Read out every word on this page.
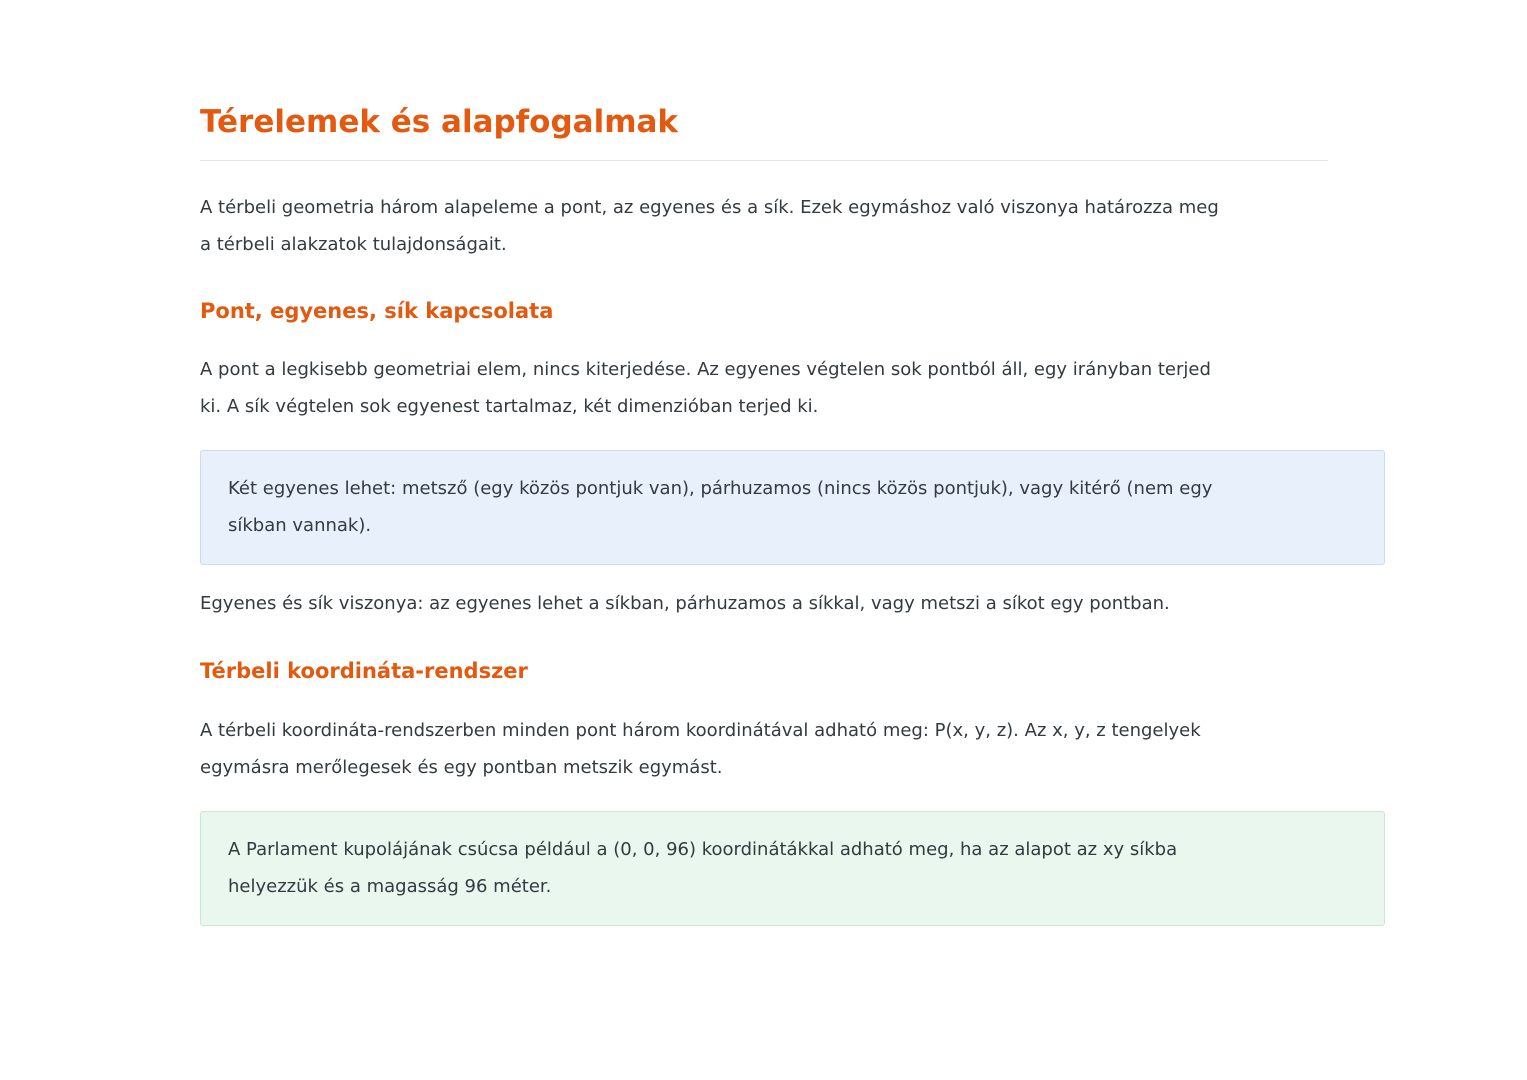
Térelemek és alapfogalmak

A térbeli geometria három alapeleme a pont, az egyenes és a sík. Ezek egymáshoz való viszonya határozza meg
a térbeli alakzatok tulajdonságait.

Pont, egyenes, sík kapcsolata

A pont a legkisebb geometriai elem, nincs kiterjedése. Az egyenes végtelen sok pontból áll, egy irányban terjed
ki. A sík végtelen sok egyenest tartalmaz, két dimenzióban terjed ki.

Két egyenes lehet: metsző (egy közös pontjuk van), párhuzamos (nincs közös pontjuk), vagy kitérő (nem egy
síkban vannak).

Egyenes és sík viszonya: az egyenes lehet a síkban, párhuzamos a síkkal, vagy metszi a síkot egy pontban.

Térbeli koordináta-rendszer

A térbeli koordináta-rendszerben minden pont három koordinátával adható meg: P(x, y, z). Az x, y, z tengelyek
egymásra merőlegesek és egy pontban metszik egymást.

A Parlament kupolájának csúcsa például a (0, 0, 96) koordinátákkal adható meg, ha az alapot az xy síkba
helyezzük és a magasság 96 méter.
